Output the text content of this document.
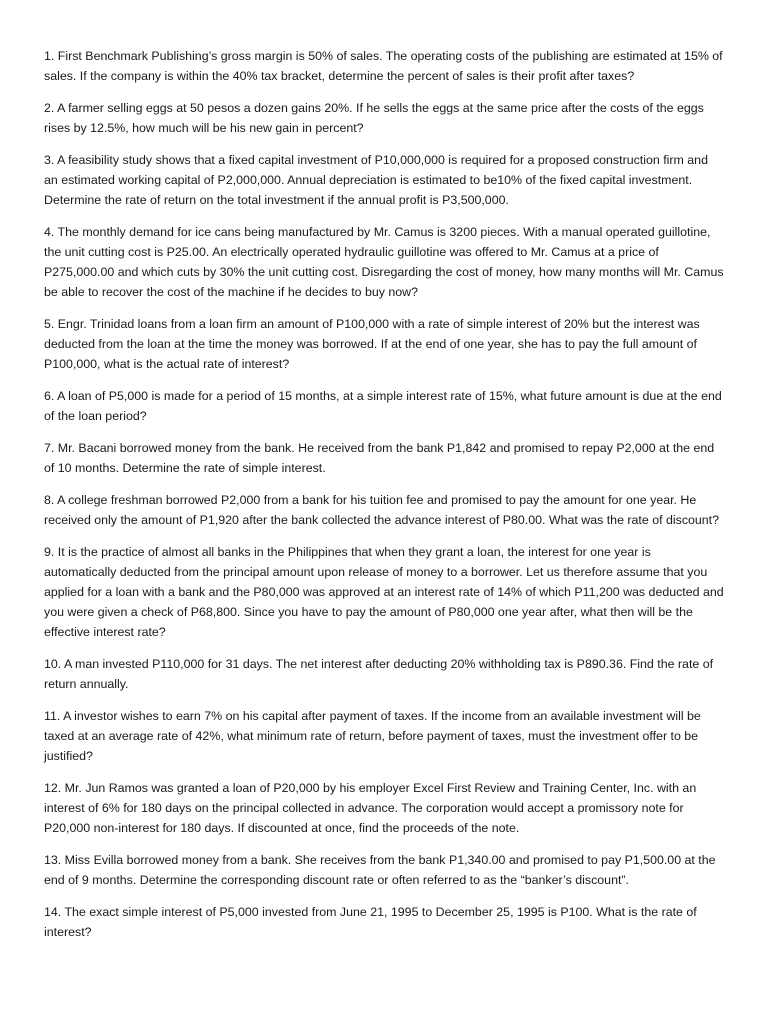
1. First Benchmark Publishing’s gross margin is 50% of sales. The operating costs of the publishing are estimated at 15% of sales. If the company is within the 40% tax bracket, determine the percent of sales is their profit after taxes?
2. A farmer selling eggs at 50 pesos a dozen gains 20%. If he sells the eggs at the same price after the costs of the eggs rises by 12.5%, how much will be his new gain in percent?
3. A feasibility study shows that a fixed capital investment of P10,000,000 is required for a proposed construction firm and an estimated working capital of P2,000,000. Annual depreciation is estimated to be10% of the fixed capital investment. Determine the rate of return on the total investment if the annual profit is P3,500,000.
4. The monthly demand for ice cans being manufactured by Mr. Camus is 3200 pieces. With a manual operated guillotine, the unit cutting cost is P25.00. An electrically operated hydraulic guillotine was offered to Mr. Camus at a price of P275,000.00 and which cuts by 30% the unit cutting cost. Disregarding the cost of money, how many months will Mr. Camus be able to recover the cost of the machine if he decides to buy now?
5. Engr. Trinidad loans from a loan firm an amount of P100,000 with a rate of simple interest of 20% but the interest was deducted from the loan at the time the money was borrowed. If at the end of one year, she has to pay the full amount of P100,000, what is the actual rate of interest?
6. A loan of P5,000 is made for a period of 15 months, at a simple interest rate of 15%, what future amount is due at the end of the loan period?
7. Mr. Bacani borrowed money from the bank. He received from the bank P1,842 and promised to repay P2,000 at the end of 10 months. Determine the rate of simple interest.
8. A college freshman borrowed P2,000 from a bank for his tuition fee and promised to pay the amount for one year. He received only the amount of P1,920 after the bank collected the advance interest of P80.00. What was the rate of discount?
9. It is the practice of almost all banks in the Philippines that when they grant a loan, the interest for one year is automatically deducted from the principal amount upon release of money to a borrower. Let us therefore assume that you applied for a loan with a bank and the P80,000 was approved at an interest rate of 14% of which P11,200 was deducted and you were given a check of P68,800. Since you have to pay the amount of P80,000 one year after, what then will be the effective interest rate?
10. A man invested P110,000 for 31 days. The net interest after deducting 20% withholding tax is P890.36. Find the rate of return annually.
11. A investor wishes to earn 7% on his capital after payment of taxes. If the income from an available investment will be taxed at an average rate of 42%, what minimum rate of return, before payment of taxes, must the investment offer to be justified?
12. Mr. Jun Ramos was granted a loan of P20,000 by his employer Excel First Review and Training Center, Inc. with an interest of 6% for 180 days on the principal collected in advance. The corporation would accept a promissory note for P20,000 non-interest for 180 days. If discounted at once, find the proceeds of the note.
13. Miss Evilla borrowed money from a bank. She receives from the bank P1,340.00 and promised to pay P1,500.00 at the end of 9 months. Determine the corresponding discount rate or often referred to as the “banker’s discount”.
14. The exact simple interest of P5,000 invested from June 21, 1995 to December 25, 1995 is P100. What is the rate of interest?
